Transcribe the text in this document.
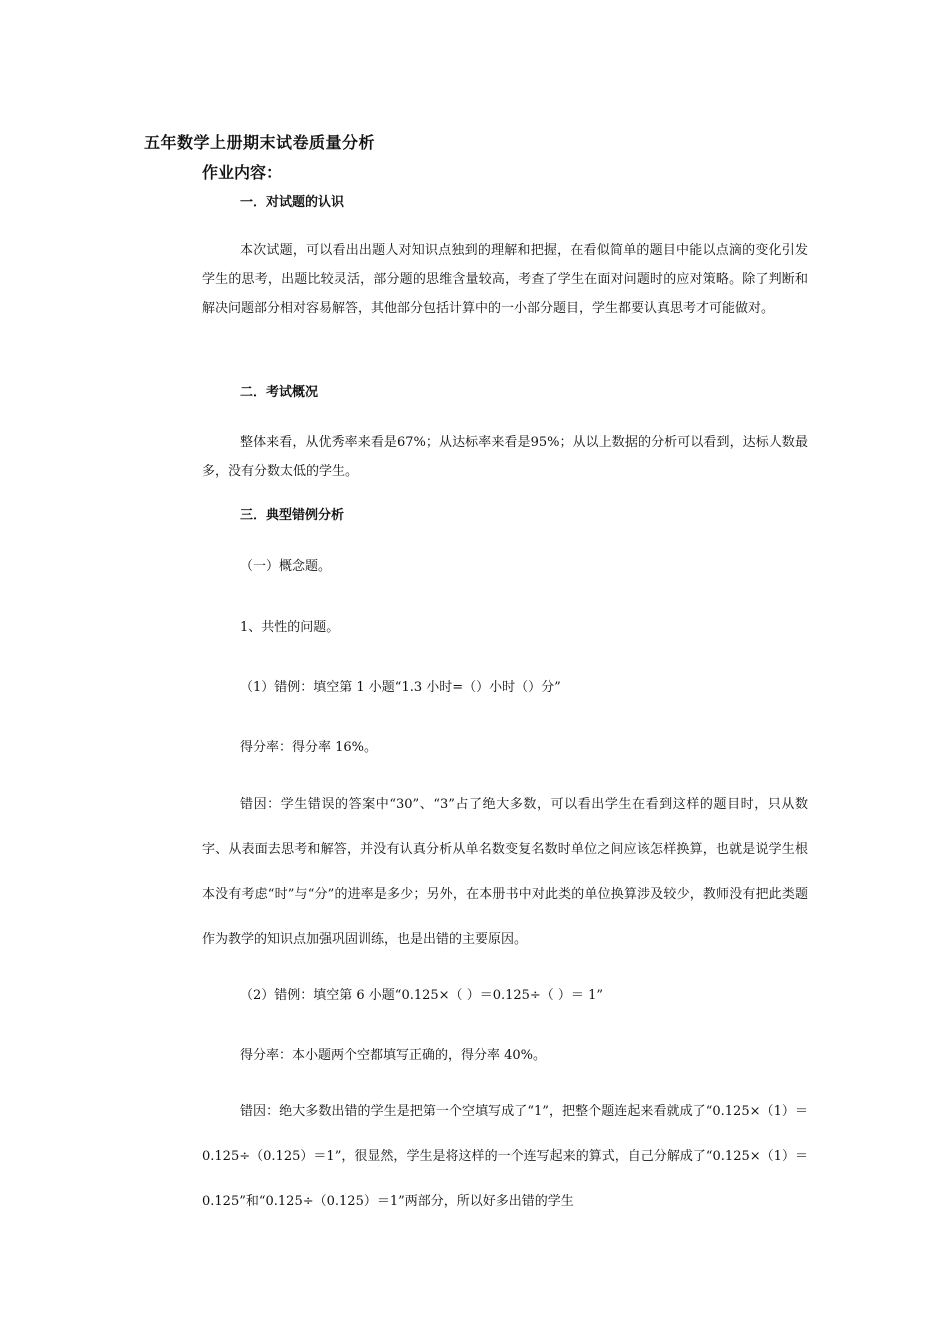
五年数学上册期末试卷质量分析
作业内容：
一．对试题的认识
本次试题，可以看出出题人对知识点独到的理解和把握，在看似简单的题目中能以点滴的变化引发学生的思考，出题比较灵活，部分题的思维含量较高，考查了学生在面对问题时的应对策略。除了判断和解决问题部分相对容易解答，其他部分包括计算中的一小部分题目，学生都要认真思考才可能做对。
二．考试概况
整体来看，从优秀率来看是67%；从达标率来看是95%；从以上数据的分析可以看到，达标人数最多，没有分数太低的学生。
三．典型错例分析
（一）概念题。
1、共性的问题。
（1）错例：填空第 1 小题“1.3 小时=（）小时（）分”
得分率：得分率 16%。
错因：学生错误的答案中“30”、“3”占了绝大多数，可以看出学生在看到这样的题目时，只从数字、从表面去思考和解答，并没有认真分析从单名数变复名数时单位之间应该怎样换算，也就是说学生根本没有考虑“时”与“分”的进率是多少；另外，在本册书中对此类的单位换算涉及较少，教师没有把此类题作为教学的知识点加强巩固训练，也是出错的主要原因。
（2）错例：填空第 6 小题“0.125×（ ）＝0.125÷（ ）＝ 1”
得分率：本小题两个空都填写正确的，得分率 40%。
错因：绝大多数出错的学生是把第一个空填写成了“1”，把整个题连起来看就成了“0.125×（1）＝0.125÷（0.125）＝1”，很显然，学生是将这样的一个连写起来的算式，自己分解成了“0.125×（1）＝0.125”和“0.125÷（0.125）＝1”两部分，所以好多出错的学生
